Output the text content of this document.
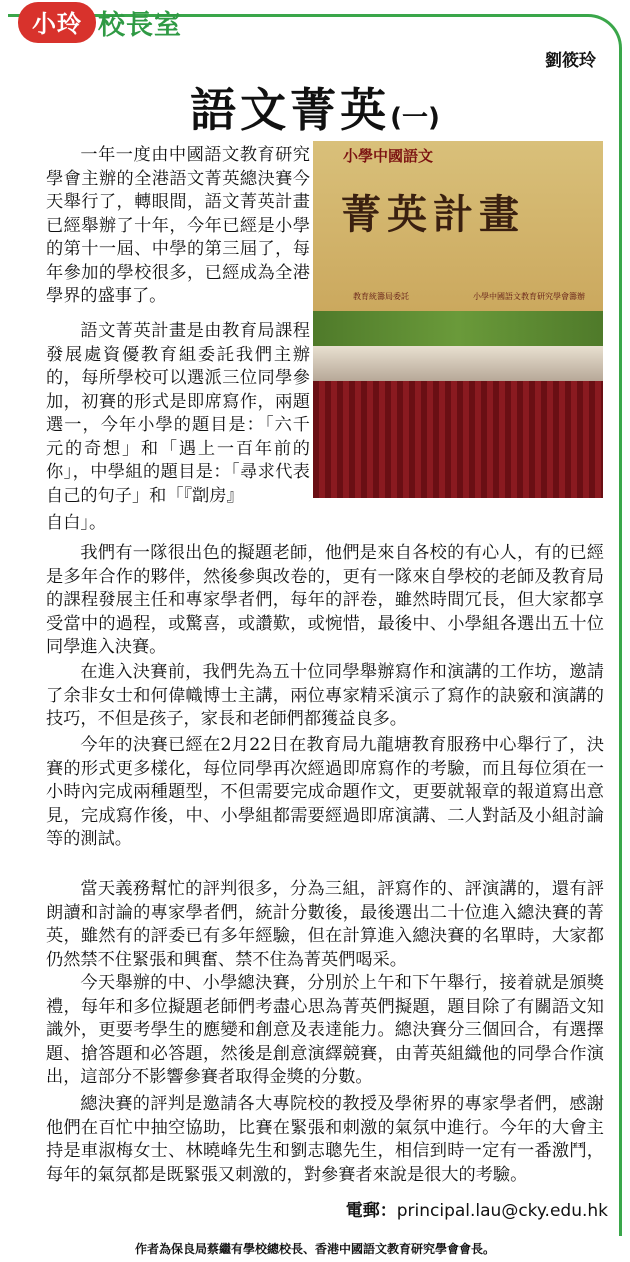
小玲 校長室
劉筱玲
語文菁英(一)
小學中國語文
菁英計畫
教育統籌局委託	小學中國語文教育研究學會籌辦

一年一度由中國語文教育研究學會主辦的全港語文菁英總決賽今天舉行了，轉眼間，語文菁英計畫已經舉辦了十年，今年已經是小學的第十一屆、中學的第三屆了，每年參加的學校很多，已經成為全港學界的盛事了。

語文菁英計畫是由教育局課程發展處資優教育組委託我們主辦的，每所學校可以選派三位同學參加，初賽的形式是即席寫作，兩題選一，今年小學的題目是：「六千元的奇想」和「遇上一百年前的你」，中學組的題目是：「尋求代表自己的句子」和「『劏房』

自白」。

我們有一隊很出色的擬題老師，他們是來自各校的有心人，有的已經是多年合作的夥伴，然後參與改卷的，更有一隊來自學校的老師及教育局的課程發展主任和專家學者們，每年的評卷，雖然時間冗長，但大家都享受當中的過程，或驚喜，或讚歎，或惋惜，最後中、小學組各選出五十位同學進入決賽。

在進入決賽前，我們先為五十位同學舉辦寫作和演講的工作坊，邀請了余非女士和何偉幟博士主講，兩位專家精采演示了寫作的訣竅和演講的技巧，不但是孩子，家長和老師們都獲益良多。

今年的決賽已經在2月22日在教育局九龍塘教育服務中心舉行了，決賽的形式更多樣化，每位同學再次經過即席寫作的考驗，而且每位須在一小時內完成兩種題型，不但需要完成命題作文，更要就報章的報道寫出意見，完成寫作後，中、小學組都需要經過即席演講、二人對話及小組討論等的測試。

當天義務幫忙的評判很多，分為三組，評寫作的、評演講的，還有評朗讀和討論的專家學者們，統計分數後，最後選出二十位進入總決賽的菁英，雖然有的評委已有多年經驗，但在計算進入總決賽的名單時，大家都仍然禁不住緊張和興奮、禁不住為菁英們喝采。

今天舉辦的中、小學總決賽，分別於上午和下午舉行，接着就是頒獎禮，每年和多位擬題老師們考盡心思為菁英們擬題，題目除了有關語文知識外，更要考學生的應變和創意及表達能力。總決賽分三個回合，有選擇題、搶答題和必答題，然後是創意演繹競賽，由菁英組織他的同學合作演出，這部分不影響參賽者取得金獎的分數。

總決賽的評判是邀請各大專院校的教授及學術界的專家學者們，感謝他們在百忙中抽空協助，比賽在緊張和刺激的氣氛中進行。今年的大會主持是車淑梅女士、林曉峰先生和劉志聰先生，相信到時一定有一番激鬥，每年的氣氛都是既緊張又刺激的，對參賽者來說是很大的考驗。

電郵：principal.lau@cky.edu.hk
作者為保良局蔡繼有學校總校長、香港中國語文教育研究學會會長。
